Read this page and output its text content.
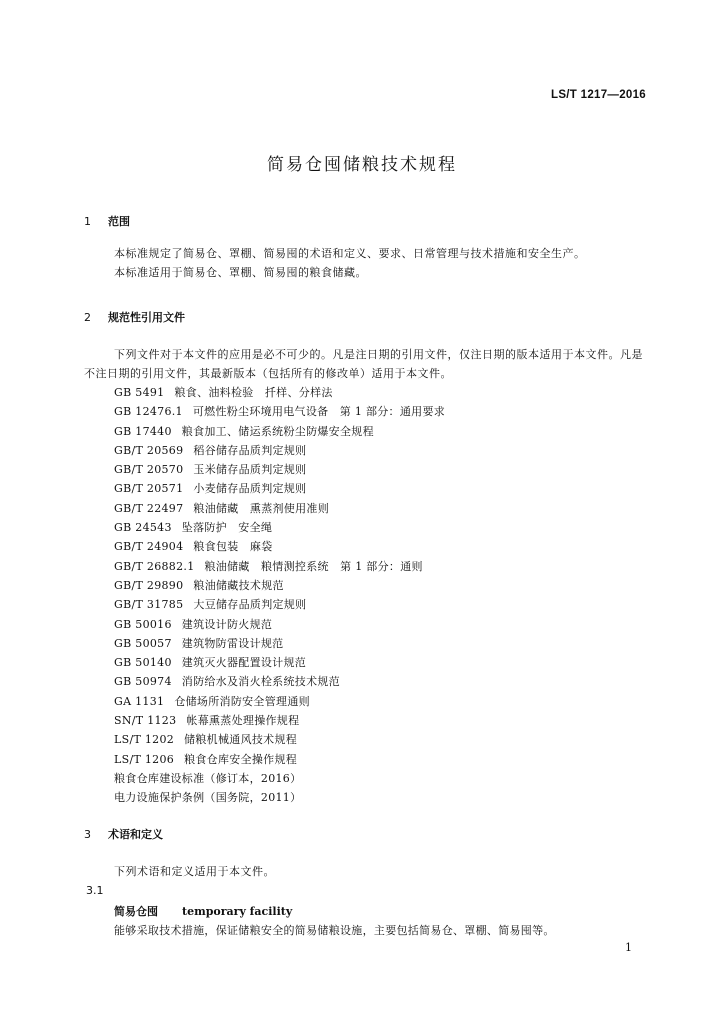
LS/T 1217—2016
简易仓囤储粮技术规程
1 范围
本标准规定了简易仓、罩棚、简易囤的术语和定义、要求、日常管理与技术措施和安全生产。
本标准适用于简易仓、罩棚、简易囤的粮食储藏。
2 规范性引用文件
下列文件对于本文件的应用是必不可少的。凡是注日期的引用文件，仅注日期的版本适用于本文件。凡是不注日期的引用文件，其最新版本（包括所有的修改单）适用于本文件。
GB 5491 粮食、油料检验　扦样、分样法
GB 12476.1 可燃性粉尘环境用电气设备　第 1 部分：通用要求
GB 17440 粮食加工、储运系统粉尘防爆安全规程
GB/T 20569 稻谷储存品质判定规则
GB/T 20570 玉米储存品质判定规则
GB/T 20571 小麦储存品质判定规则
GB/T 22497 粮油储藏　熏蒸剂使用准则
GB 24543 坠落防护　安全绳
GB/T 24904 粮食包装　麻袋
GB/T 26882.1 粮油储藏　粮情测控系统　第 1 部分：通则
GB/T 29890 粮油储藏技术规范
GB/T 31785 大豆储存品质判定规则
GB 50016 建筑设计防火规范
GB 50057 建筑物防雷设计规范
GB 50140 建筑灭火器配置设计规范
GB 50974 消防给水及消火栓系统技术规范
GA 1131 仓储场所消防安全管理通则
SN/T 1123 帐幕熏蒸处理操作规程
LS/T 1202 储粮机械通风技术规程
LS/T 1206 粮食仓库安全操作规程
粮食仓库建设标准（修订本，2016）
电力设施保护条例（国务院，2011）
3 术语和定义
下列术语和定义适用于本文件。
3.1
简易仓囤 temporary facility
能够采取技术措施，保证储粮安全的简易储粮设施，主要包括简易仓、罩棚、简易囤等。
1
